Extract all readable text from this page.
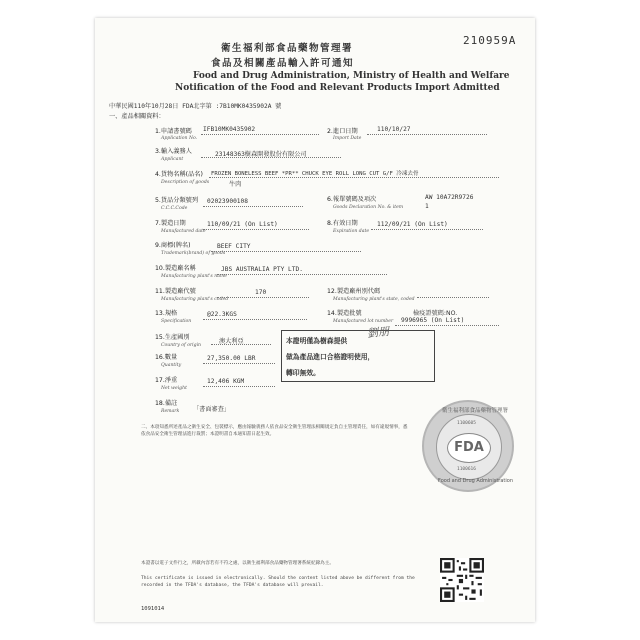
210959A
衛生福利部食品藥物管理署
食品及相關產品輸入許可通知
Food and Drug Administration, Ministry of Health and Welfare
Notification of the Food and Relevant Products Import Admitted
中華民國110年10月28日 FDA北字第 :7B10MK0435902A 號
一、產品相關資料：
1.申請書號碼
Application No.
IFB10MK0435902	2.進口日期
Import Date
110/10/27
3.輸入義務人
Applicant
23148363樹森開發股份有限公司
4.貨物名稱(品名)
Description of goods
FROZEN BONELESS BEEF *PR** CHUCK EYE ROLL LONG CUT G/F 冷凍去骨
牛肉
5.貨品分類號列
C.C.C.Code
02023900108	6.報單號碼及項次
Goods Declaration No. & item
AW 10A72R9726
1
7.製造日期
Manufactured date
110/09/21 (On List)	8.有效日期
Expiration date
112/09/21 (On List)
9.商標(牌名)
Trademark(brand) of goods
BEEF CITY
10.製造廠名稱
Manufacturing plant's name
JBS AUSTRALIA PTY LTD.
11.製造廠代號
Manufacturing plant's coded
170	12.製造廠州別代碼
Manufacturing plant's state, coded
13.規格
Specification
@22.3KGS	14.製造批號
Manufactured lot number
檢疫證號碼:NO.
9996965 (On List)
15.生產國別
Country of origin
澳大利亞	本證明僅為樹森提供
做為產品進口合格證明使用，
轉印無效。
劉朋
16.數量
Quantity
27,350.00 LBR
17.淨重
Net weight
12,406 KGM
18.備註
Remark 「書面審查」
二、本項知悉所述產品之衛生安全、包裝標示，應由報驗義務人依食品安全衛生管理法相關規定負自主管理責任，如有違規情事，悉依食品安全衛生管理法進行裁罰；本證明書自本通知書日起生效。
衛生福利部食品藥物管理署
1100605
FDA
1100616
Food and Drug Administration
本證書以電子文件行之，所載內容若有不符之處，以衛生福利部食品藥物管理署系統紀錄為主。
This certificate is issued in electronically. Should the content listed above be different from the recorded in the TFDA's database, the TFDA's database will prevail.
1091014
